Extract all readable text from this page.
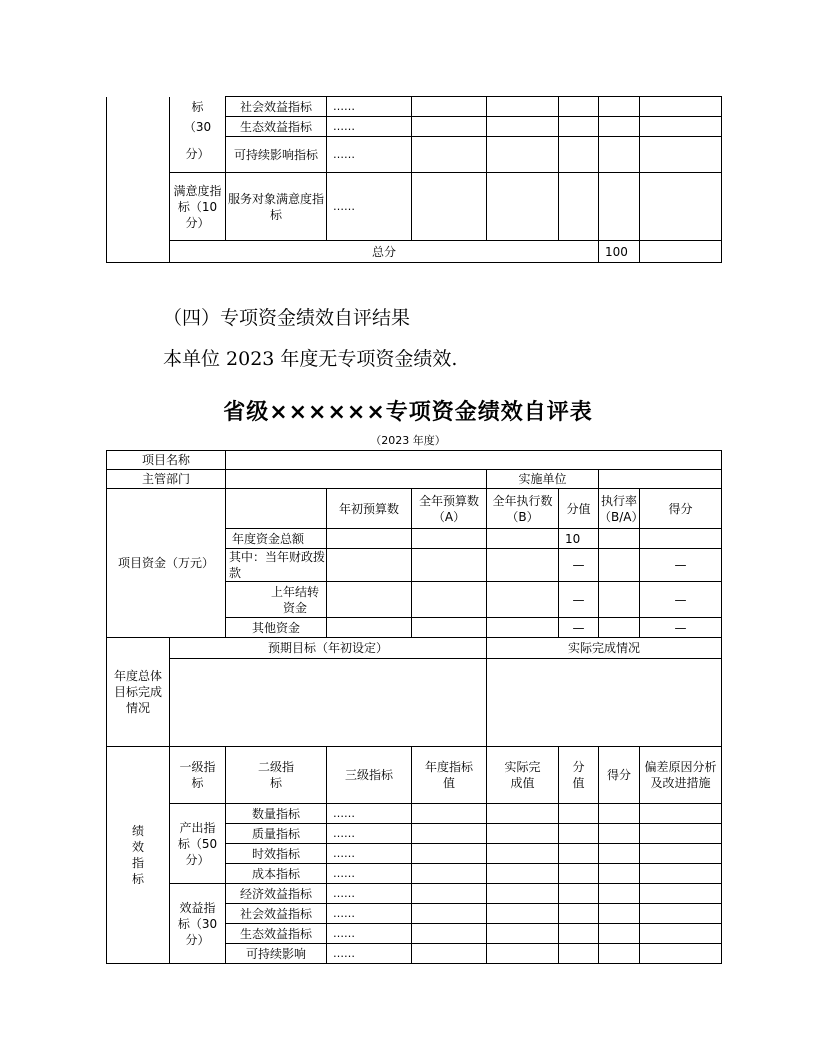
	标	社会效益指标	……						
	（30	生态效益指标	……						
	分）	可持续影响指标	……						
	满意度指标（10分）	服务对象满意度指标	……						
	总分						100		
（四）专项资金绩效自评结果
本单位 2023 年度无专项资金绩效.
省级××××××专项资金绩效自评表
（2023 年度）
项目名称								
主管部门					实施单位			
项目资金（万元）			年初预算数	全年预算数（A）	全年执行数（B）	分值	执行率（B/A）	得分
		年度资金总额				10		
		其中：当年财政拨款				—		—
		上年结转资金				—		—
		其他资金				—		—
年度总体目标完成情况	预期目标（年初设定）				实际完成情况			

绩效指标	一级指标	二级指标	三级指标	年度指标值	实际完成值	分值	得分	偏差原因分析及改进措施
	产出指标（50分）	数量指标	……					
		质量指标	……					
		时效指标	……					
		成本指标	……					
	效益指标（30分）	经济效益指标	……					
		社会效益指标	……					
		生态效益指标	……					
		可持续影响	……					
